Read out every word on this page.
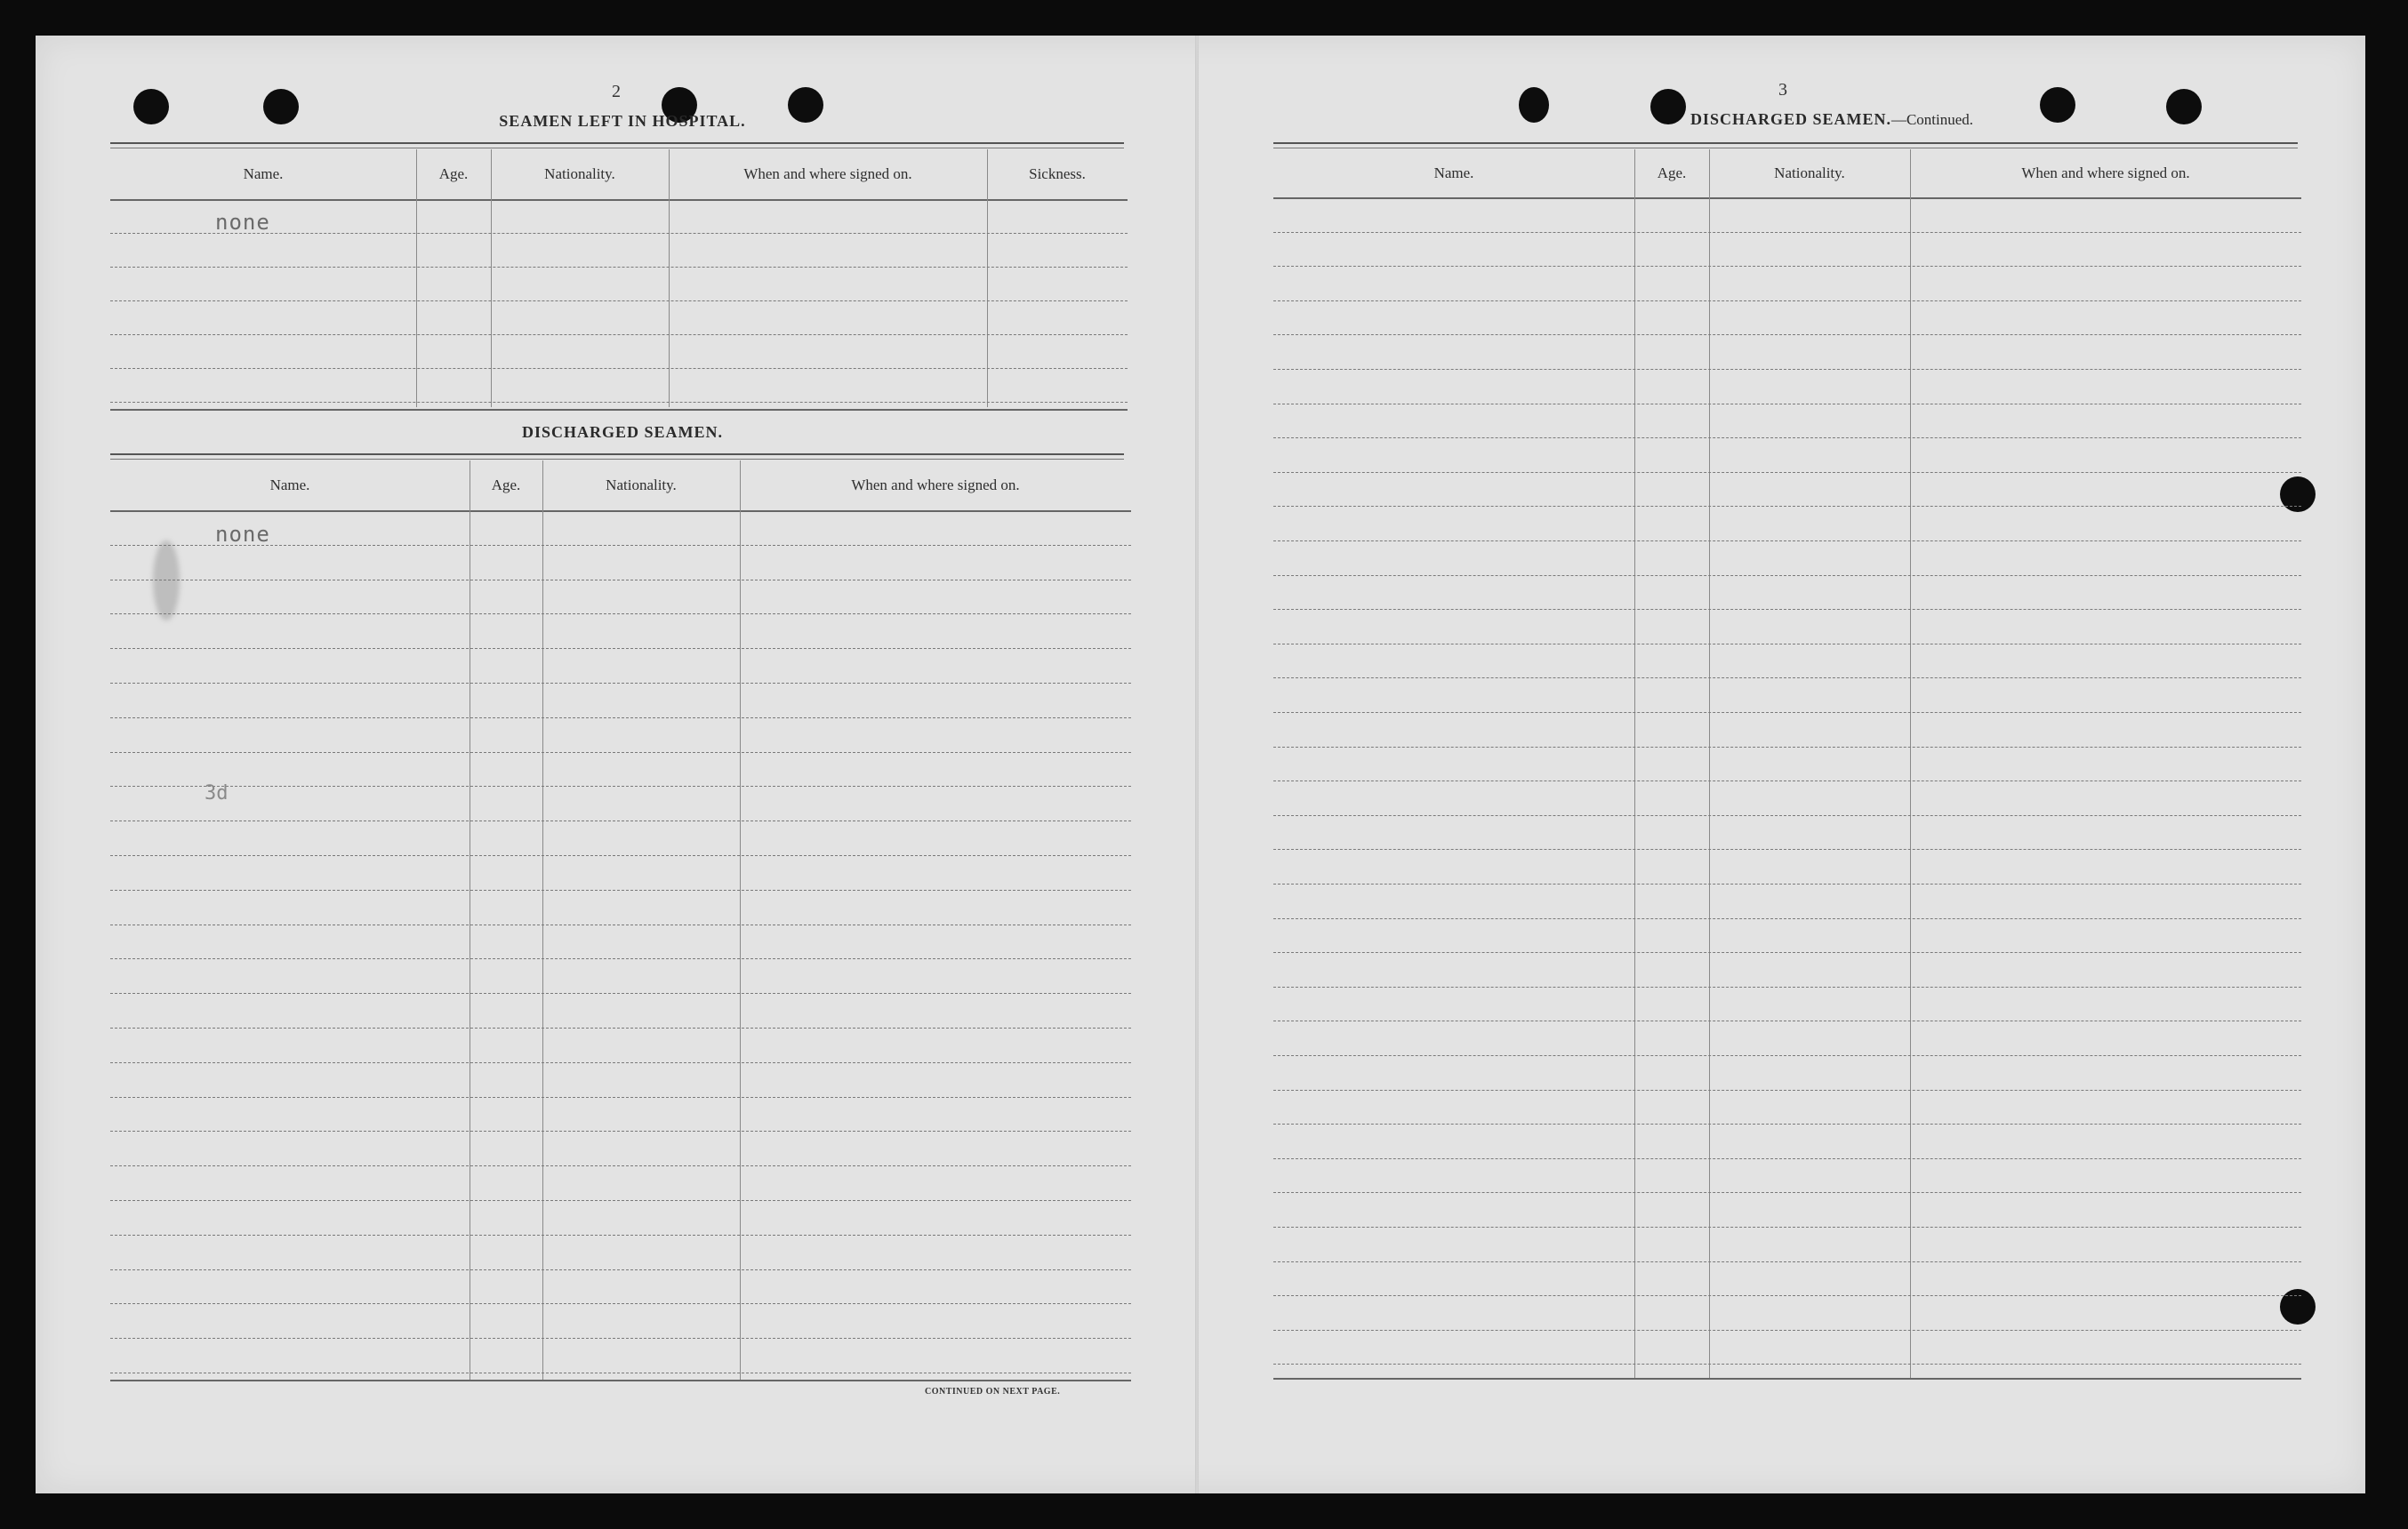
2
SEAMEN LEFT IN HOSPITAL.
Name.	Age.	Nationality.	When and where signed on.	Sickness.
none
DISCHARGED SEAMEN.
Name.	Age.	Nationality.	When and where signed on.
none
3d
CONTINUED ON NEXT PAGE.
3
DISCHARGED SEAMEN.—Continued.
Name.	Age.	Nationality.	When and where signed on.
